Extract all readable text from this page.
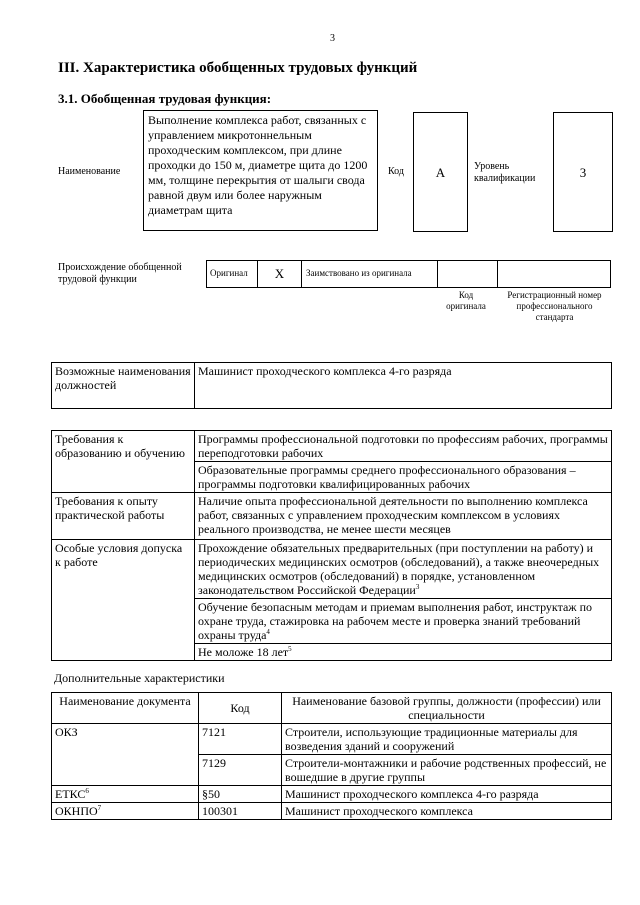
3
III. Характеристика обобщенных трудовых функций
3.1. Обобщенная трудовая функция:
Наименование
Выполнение комплекса работ, связанных с управлением микротоннельным проходческим комплексом, при длине проходки до 150 м, диаметре щита до 1200 мм, толщине перекрытия от шалыги свода равной двум или более наружным диаметрам щита
Код	А	Уровень квалификации	3
Происхождение обобщенной трудовой функции
Оригинал	X	Заимствовано из оригинала
Код оригинала
Регистрационный номер профессионального стандарта
Возможные наименования должностей	Машинист проходческого комплекса 4-го разряда
Требования к образованию и обучению	Программы профессиональной подготовки по профессиям рабочих, программы переподготовки рабочих
	Образовательные программы среднего профессионального образования – программы подготовки квалифицированных рабочих
Требования к опыту практической работы	Наличие опыта профессиональной деятельности по выполнению комплекса работ, связанных с управлением проходческим комплексом в условиях реального производства, не менее шести месяцев
Особые условия допуска к работе	Прохождение обязательных предварительных (при поступлении на работу) и периодических медицинских осмотров (обследований), а также внеочередных медицинских осмотров (обследований) в порядке, установленном законодательством Российской Федерации$^3$
	Обучение безопасным методам и приемам выполнения работ, инструктаж по охране труда, стажировка на рабочем месте и проверка знаний требований охраны труда$^4$
	Не моложе 18 лет$^5$
Дополнительные характеристики
Наименование документа	Код	Наименование базовой группы, должности (профессии) или специальности
ОКЗ	7121	Строители, использующие традиционные материалы для возведения зданий и сооружений
	7129	Строители-монтажники и рабочие родственных профессий, не вошедшие в другие группы
ЕТКС$^6$	§50	Машинист проходческого комплекса 4-го разряда
ОКНПО$^7$	100301	Машинист проходческого комплекса
